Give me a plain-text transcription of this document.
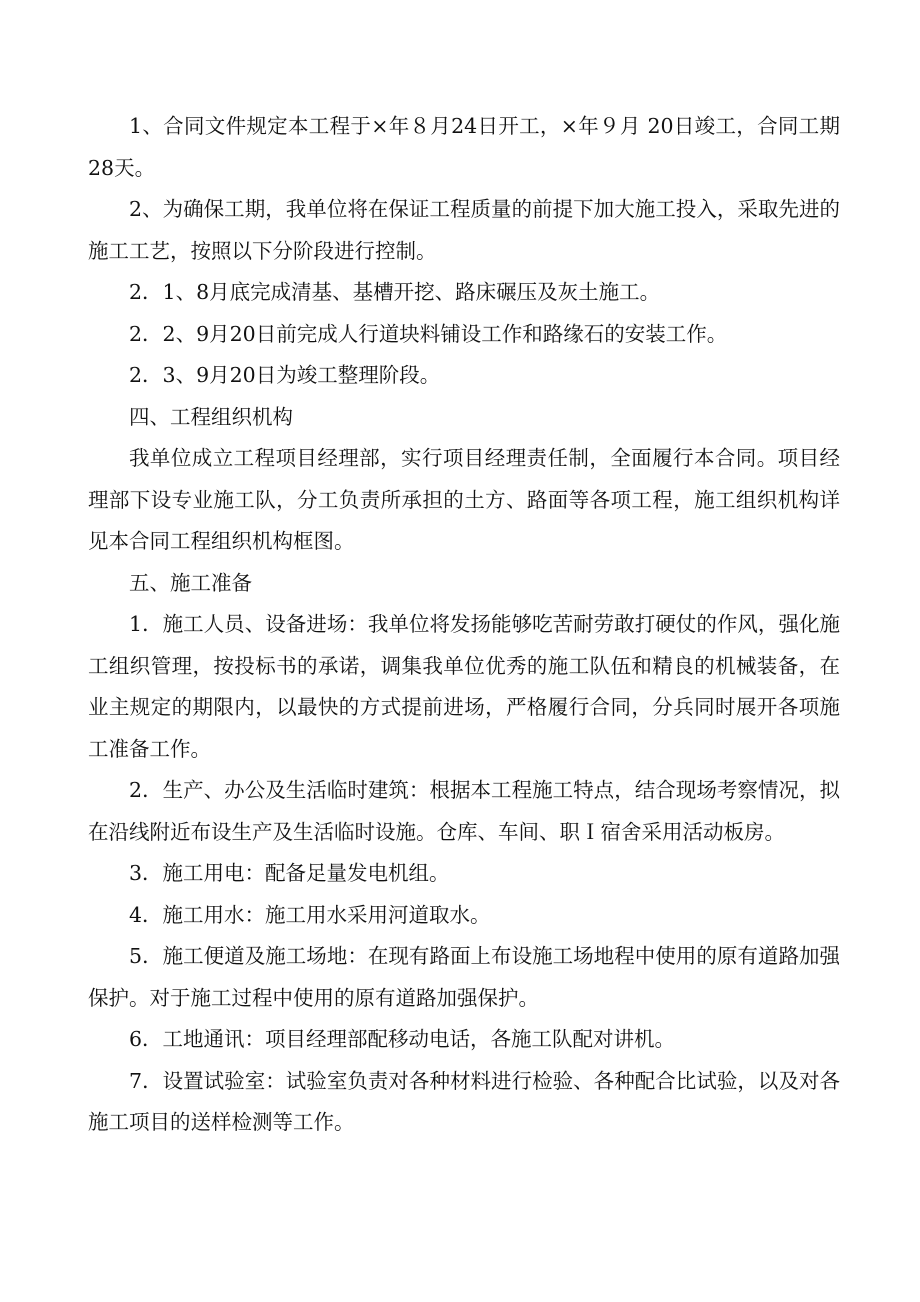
1、合同文件规定本工程于×年８月24日开工，×年９月 20日竣工，合同工期28天。

2、为确保工期，我单位将在保证工程质量的前提下加大施工投入，采取先进的施工工艺，按照以下分阶段进行控制。

2．1、8月底完成清基、基槽开挖、路床碾压及灰土施工。

2．2、9月20日前完成人行道块料铺设工作和路缘石的安装工作。

2．3、9月20日为竣工整理阶段。

四、工程组织机构

我单位成立工程项目经理部，实行项目经理责任制，全面履行本合同。项目经理部下设专业施工队，分工负责所承担的土方、路面等各项工程，施工组织机构详见本合同工程组织机构框图。

五、施工准备

1．施工人员、设备进场：我单位将发扬能够吃苦耐劳敢打硬仗的作风，强化施工组织管理，按投标书的承诺，调集我单位优秀的施工队伍和精良的机械装备，在业主规定的期限内，以最快的方式提前进场，严格履行合同，分兵同时展开各项施工准备工作。

2．生产、办公及生活临时建筑：根据本工程施工特点，结合现场考察情况，拟在沿线附近布设生产及生活临时设施。仓库、车间、职Ｉ宿舍采用活动板房。

3．施工用电：配备足量发电机组。

4．施工用水：施工用水采用河道取水。

5．施工便道及施工场地：在现有路面上布设施工场地程中使用的原有道路加强保护。对于施工过程中使用的原有道路加强保护。

6．工地通讯：项目经理部配移动电话，各施工队配对讲机。

7．设置试验室：试验室负责对各种材料进行检验、各种配合比试验，以及对各施工项目的送样检测等工作。
